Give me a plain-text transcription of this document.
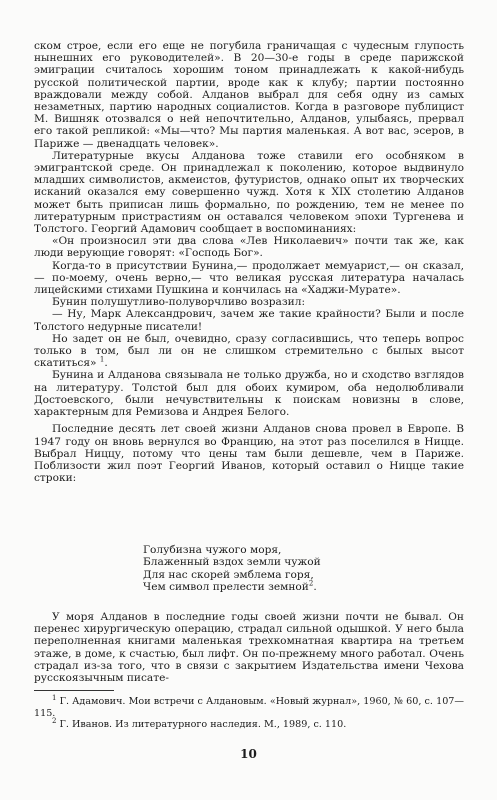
ском строе, если его еще не погубила граничащая с чудесным глупость нынешних его руководителей». В 20—30-е годы в среде парижской эмиграции считалось хорошим тоном принадлежать к какой-нибудь русской политической партии, вроде как к клубу; партии постоянно враждовали между собой. Алданов выбрал для себя одну из самых незаметных, партию народных социалистов. Когда в разговоре публицист М. Вишняк отозвался о ней непочтительно, Алданов, улыбаясь, прервал его такой репликой: «Мы—что? Мы партия маленькая. А вот вас, эсеров, в Париже — двенадцать человек».

Литературные вкусы Алданова тоже ставили его особняком в эмигрантской среде. Он принадлежал к поколению, которое выдвинуло младших символистов, акмеистов, футуристов, однако опыт их творческих исканий оказался ему совершенно чужд. Хотя к XIX столетию Алданов может быть приписан лишь формально, по рождению, тем не менее по литературным пристрастиям он оставался человеком эпохи Тургенева и Толстого. Георгий Адамович сообщает в воспоминаниях:

«Он произносил эти два слова «Лев Николаевич» почти так же, как люди верующие говорят: «Господь Бог».

Когда-то в присутствии Бунина,— продолжает мемуарист,— он сказал,— по-моему, очень верно,— что великая русская литература началась лицейскими стихами Пушкина и кончилась на «Хаджи-Мурате».

Бунин полушутливо-полуворчливо возразил:

— Ну, Марк Александрович, зачем же такие крайности? Были и после Толстого недурные писатели!

Но задет он не был, очевидно, сразу согласившись, что теперь вопрос только в том, был ли он не слишком стремительно с былых высот скатиться» $^1$.

Бунина и Алданова связывала не только дружба, но и сходство взглядов на литературу. Толстой был для обоих кумиром, оба недолюбливали Достоевского, были нечувствительны к поискам новизны в слове, характерным для Ремизова и Андрея Белого.

Последние десять лет своей жизни Алданов снова провел в Европе. В 1947 году он вновь вернулся во Францию, на этот раз поселился в Ницце. Выбрал Ниццу, потому что цены там были дешевле, чем в Париже. Поблизости жил поэт Георгий Иванов, который оставил о Ницце такие строки:

Голубизна чужого моря,
Блаженный вздох земли чужой
Для нас скорей эмблема горя,
Чем символ прелести земной$^2$.

У моря Алданов в последние годы своей жизни почти не бывал. Он перенес хирургическую операцию, страдал сильной одышкой. У него была переполненная книгами маленькая трехкомнатная квартира на третьем этаже, в доме, к счастью, был лифт. Он по-прежнему много работал. Очень страдал из-за того, что в связи с закрытием Издательства имени Чехова русскоязычным писате-

$^1$ Г. Адамович. Мои встречи с Алдановым. «Новый журнал», 1960, № 60, с. 107—115.

$^2$ Г. Иванов. Из литературного наследия. М., 1989, с. 110.

10
